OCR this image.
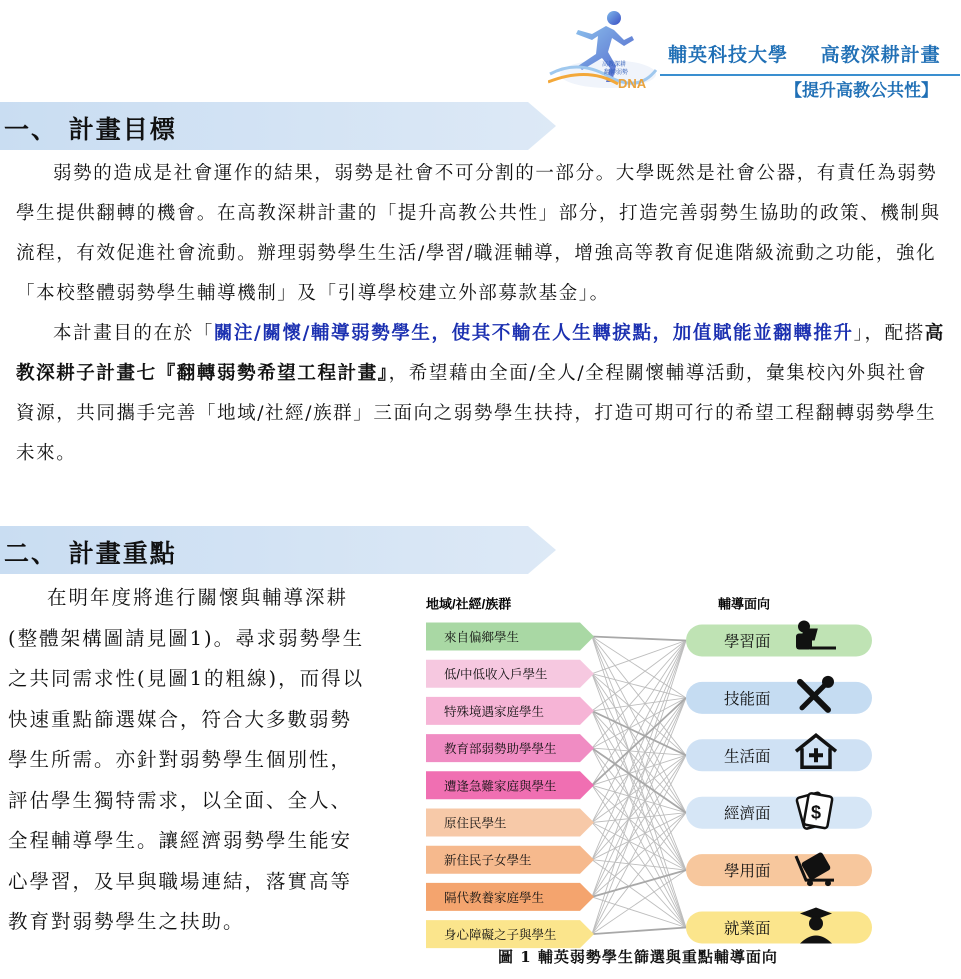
輔英科技大學
高教深耕
翻轉弱勢
DNA
輔英科技大學 高教深耕計畫
【提升高教公共性】
一、 計畫目標

弱勢的造成是社會運作的結果，弱勢是社會不可分割的一部分。大學既然是社會公器，有責任為弱勢學生提供翻轉的機會。在高教深耕計畫的「提升高教公共性」部分，打造完善弱勢生協助的政策、機制與流程，有效促進社會流動。辦理弱勢學生生活/學習/職涯輔導，增強高等教育促進階級流動之功能，強化「本校整體弱勢學生輔導機制」及「引導學校建立外部募款基金」。

本計畫目的在於「關注/關懷/輔導弱勢學生，使其不輸在人生轉捩點，加值賦能並翻轉推升」，配搭高教深耕子計畫七『翻轉弱勢希望工程計畫』，希望藉由全面/全人/全程關懷輔導活動，彙集校內外與社會資源，共同攜手完善「地域/社經/族群」三面向之弱勢學生扶持，打造可期可行的希望工程翻轉弱勢學生未來。

二、 計畫重點

在明年度將進行關懷與輔導深耕(整體架構圖請見圖1)。尋求弱勢學生之共同需求性(見圖1的粗線)，而得以快速重點篩選媒合，符合大多數弱勢學生所需。亦針對弱勢學生個別性，評估學生獨特需求，以全面、全人、全程輔導學生。讓經濟弱勢學生能安心學習，及早與職場連結，落實高等教育對弱勢學生之扶助。

地域/社經/族群	輔導面向
來自偏鄉學生
低/中低收入戶學生
特殊境遇家庭學生
教育部弱勢助學學生
遭逢急難家庭與學生
原住民學生
新住民子女學生
隔代教養家庭學生
身心障礙之子與學生
學習面
技能面
生活面
經濟面 $
學用面
就業面
圖 1 輔英弱勢學生篩選與重點輔導面向
